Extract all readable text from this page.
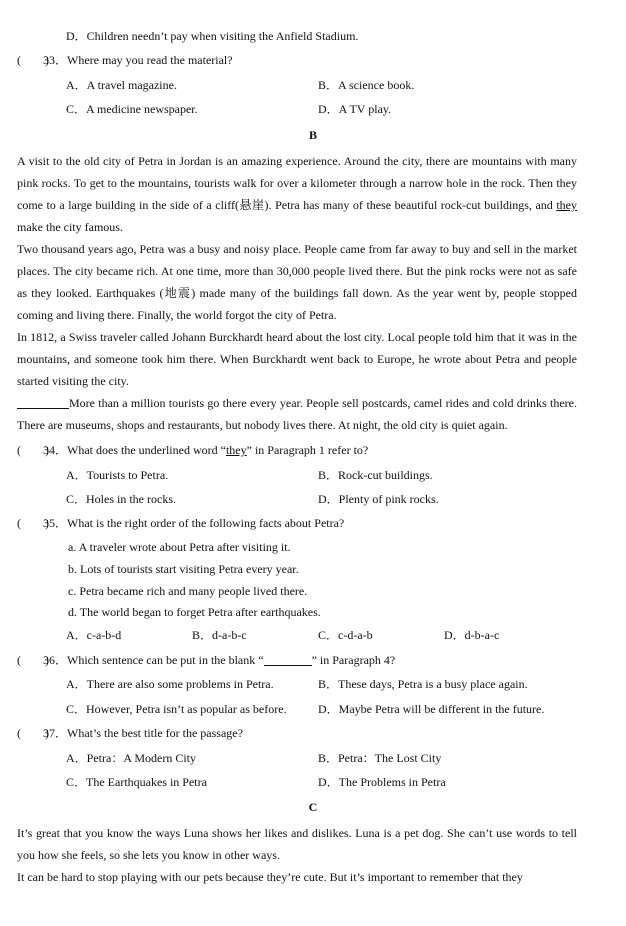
D．Children needn’t pay when visiting the Anfield Stadium.
(　　)33．Where may you read the material?
A．A travel magazine.	B．A science book.
C．A medicine newspaper.	D．A TV play.
B

A visit to the old city of Petra in Jordan is an amazing experience. Around the city, there are mountains with many pink rocks. To get to the mountains, tourists walk for over a kilometer through a narrow hole in the rock. Then they come to a large building in the side of a cliff(悬崖). Petra has many of these beautiful rock-cut buildings, and they make the city famous.

Two thousand years ago, Petra was a busy and noisy place. People came from far away to buy and sell in the market places. The city became rich. At one time, more than 30,000 people lived there. But the pink rocks were not as safe as they looked. Earthquakes (地震) made many of the buildings fall down. As the year went by, people stopped coming and living there. Finally, the world forgot the city of Petra.

In 1812, a Swiss traveler called Johann Burckhardt heard about the lost city. Local people told him that it was in the mountains, and someone took him there. When Burckhardt went back to Europe, he wrote about Petra and people started visiting the city.

More than a million tourists go there every year. People sell postcards, camel rides and cold drinks there. There are museums, shops and restaurants, but nobody lives there. At night, the old city is quiet again.

(　　)34．What does the underlined word “they” in Paragraph 1 refer to?
A．Tourists to Petra.	B．Rock-cut buildings.
C．Holes in the rocks.	D．Plenty of pink rocks.
(　　)35．What is the right order of the following facts about Petra?
a. A traveler wrote about Petra after visiting it.
b. Lots of tourists start visiting Petra every year.
c. Petra became rich and many people lived there.
d. The world began to forget Petra after earthquakes.
A．c-a-b-d	B．d-a-b-c	C．c-d-a-b	D．d-b-a-c
(　　)36．Which sentence can be put in the blank “	” in Paragraph 4?
A．There are also some problems in Petra.	B．These days, Petra is a busy place again.
C．However, Petra isn’t as popular as before.	D．Maybe Petra will be different in the future.
(　　)37．What’s the best title for the passage?
A．Petra：A Modern City	B．Petra：The Lost City
C．The Earthquakes in Petra	D．The Problems in Petra
C

It’s great that you know the ways Luna shows her likes and dislikes. Luna is a pet dog. She can’t use words to tell you how she feels, so she lets you know in other ways.

It can be hard to stop playing with our pets because they’re cute. But it’s important to remember that they
